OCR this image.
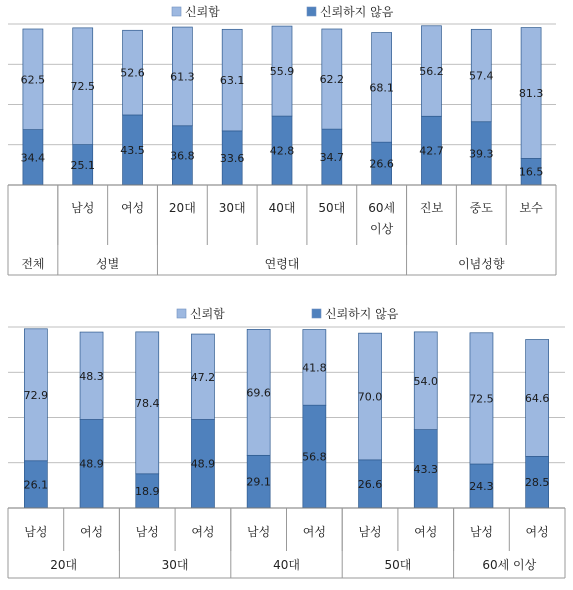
신뢰함	신뢰하지 않음
62.5
34.4
72.5
25.1
52.6
43.5
61.3
36.8
63.1
33.6
55.9
42.8
62.2
34.7
68.1
26.6
56.2
42.7
57.4
39.3
81.3
16.5
남성 여성 20대 30대 40대 50대 60세
이상
진보 중도 보수
전체	성별	연령대	이념성향
신뢰함	신뢰하지 않음
72.9
26.1
48.3
48.9
78.4
18.9
47.2
48.9
69.6
29.1
41.8
56.8
70.0
26.6
54.0
43.3
72.5
24.3
64.6
28.5
남성	여성	남성	여성	남성	여성	남성	여성	남성	여성
20대	30대	40대	50대	60세 이상
